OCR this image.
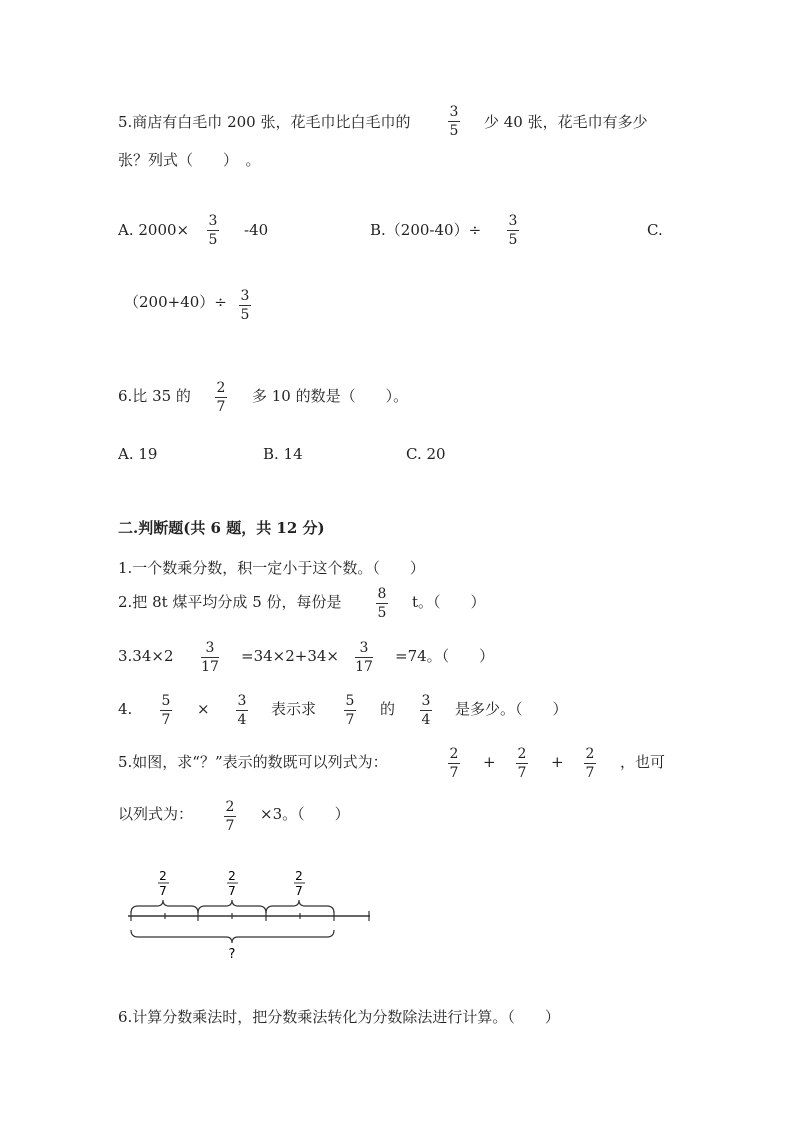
5.商店有白毛巾 200 张，花毛巾比白毛巾的
3
5 少 40 张，花毛巾有多少
张？列式（　　）　。
A. 2000× 3
5
-40	B.（200-40）÷ 3
5
C.
（200+40）÷ 3
5
6.比 35 的 2
7
多 10 的数是（　　）。
A. 19	B. 14	C. 20
二.判断题(共 6 题，共 12 分)
1.一个数乘分数，积一定小于这个数。（　　）
2.把 8t 煤平均分成 5 份，每份是	8
5
t。（　　）
3.34×2 3
17
=34×2+34× 3
17
=74。（　　）
4. 5
7
× 3
4
表示求 5
7
的 3
4
是多少。（　　）
5.如图，求“？”表示的数既可以列式为：	2
7
+ 2
7
+ 2
7
，也可
以列式为： 2
7
×3。（　　）
2
7
2
7
2
7
?
6.计算分数乘法时，把分数乘法转化为分数除法进行计算。（　　）
